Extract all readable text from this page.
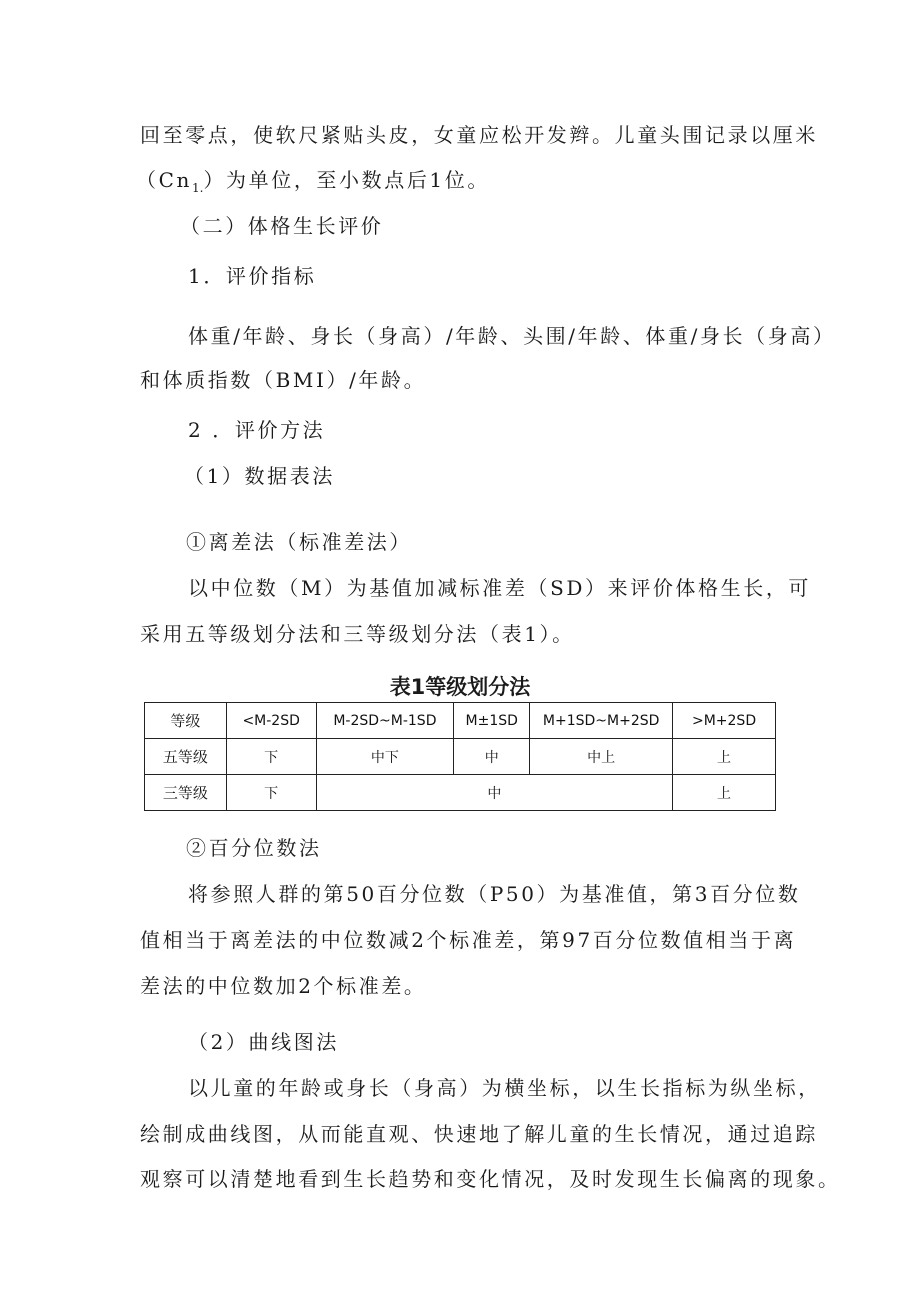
回至零点，使软尺紧贴头皮，女童应松开发辫。儿童头围记录以厘米
$(Cn_{1.})$为单位，至小数点后1位。
（二）体格生长评价
1．评价指标
体重/年龄、身长（身高）/年龄、头围/年龄、体重/身长（身高）
和体质指数（BMI）/年龄。
2 ．评价方法
（1）数据表法
①离差法（标准差法）
以中位数（M）为基值加减标准差（SD）来评价体格生长，可
采用五等级划分法和三等级划分法（表1）。
表1等级划分法
等级	<M-2SD	M-2SD~M-1SD	M±1SD	M+1SD~M+2SD	>M+2SD
五等级	下	中下	中	中上	上
三等级	下	中			上
②百分位数法
将参照人群的第50百分位数（P50）为基准值，第3百分位数
值相当于离差法的中位数减2个标准差，第97百分位数值相当于离
差法的中位数加2个标准差。
（2）曲线图法
以儿童的年龄或身长（身高）为横坐标，以生长指标为纵坐标，
绘制成曲线图，从而能直观、快速地了解儿童的生长情况，通过追踪
观察可以清楚地看到生长趋势和变化情况，及时发现生长偏离的现象。
